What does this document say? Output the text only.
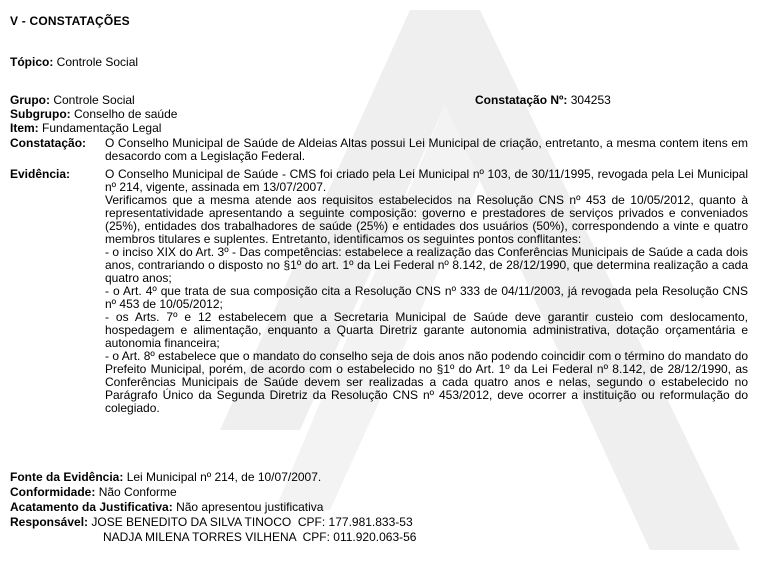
V - CONSTATAÇÕES
Tópico: Controle Social
Grupo: Controle Social	Constatação Nº: 304253
Subgrupo: Conselho de saúde
Item: Fundamentação Legal
Constatação: O Conselho Municipal de Saúde de Aldeias Altas possui Lei Municipal de criação, entretanto, a mesma contem itens em desacordo com a Legislação Federal.
Evidência:	O Conselho Municipal de Saúde - CMS foi criado pela Lei Municipal nº 103, de 30/11/1995, revogada pela Lei Municipal nº 214, vigente, assinada em 13/07/2007.
Verificamos que a mesma atende aos requisitos estabelecidos na Resolução CNS nº 453 de 10/05/2012, quanto à representatividade apresentando a seguinte composição: governo e prestadores de serviços privados e conveniados (25%), entidades dos trabalhadores de saúde (25%) e entidades dos usuários (50%), correspondendo a vinte e quatro membros titulares e suplentes. Entretanto, identificamos os seguintes pontos conflitantes:
- o inciso XIX do Art. 3º - Das competências: estabelece a realização das Conferências Municipais de Saúde a cada dois anos, contrariando o disposto no §1º do art. 1º da Lei Federal nº 8.142, de 28/12/1990, que determina realização a cada quatro anos;
- o Art. 4º que trata de sua composição cita a Resolução CNS nº 333 de 04/11/2003, já revogada pela Resolução CNS nº 453 de 10/05/2012;
- os Arts. 7º e 12 estabelecem que a Secretaria Municipal de Saúde deve garantir custeio com deslocamento, hospedagem e alimentação, enquanto a Quarta Diretriz garante autonomia administrativa, dotação orçamentária e autonomia financeira;
- o Art. 8º estabelece que o mandato do conselho seja de dois anos não podendo coincidir com o término do mandato do Prefeito Municipal, porém, de acordo com o estabelecido no §1º do Art. 1º da Lei Federal nº 8.142, de 28/12/1990, as Conferências Municipais de Saúde devem ser realizadas a cada quatro anos e nelas, segundo o estabelecido no Parágrafo Único da Segunda Diretriz da Resolução CNS nº 453/2012, deve ocorrer a instituição ou reformulação do colegiado.
Fonte da Evidência: Lei Municipal nº 214, de 10/07/2007.
Conformidade: Não Conforme
Acatamento da Justificativa: Não apresentou justificativa
Responsável: JOSE BENEDITO DA SILVA TINOCO  CPF: 177.981.833-53
NADJA MILENA TORRES VILHENA  CPF: 011.920.063-56
